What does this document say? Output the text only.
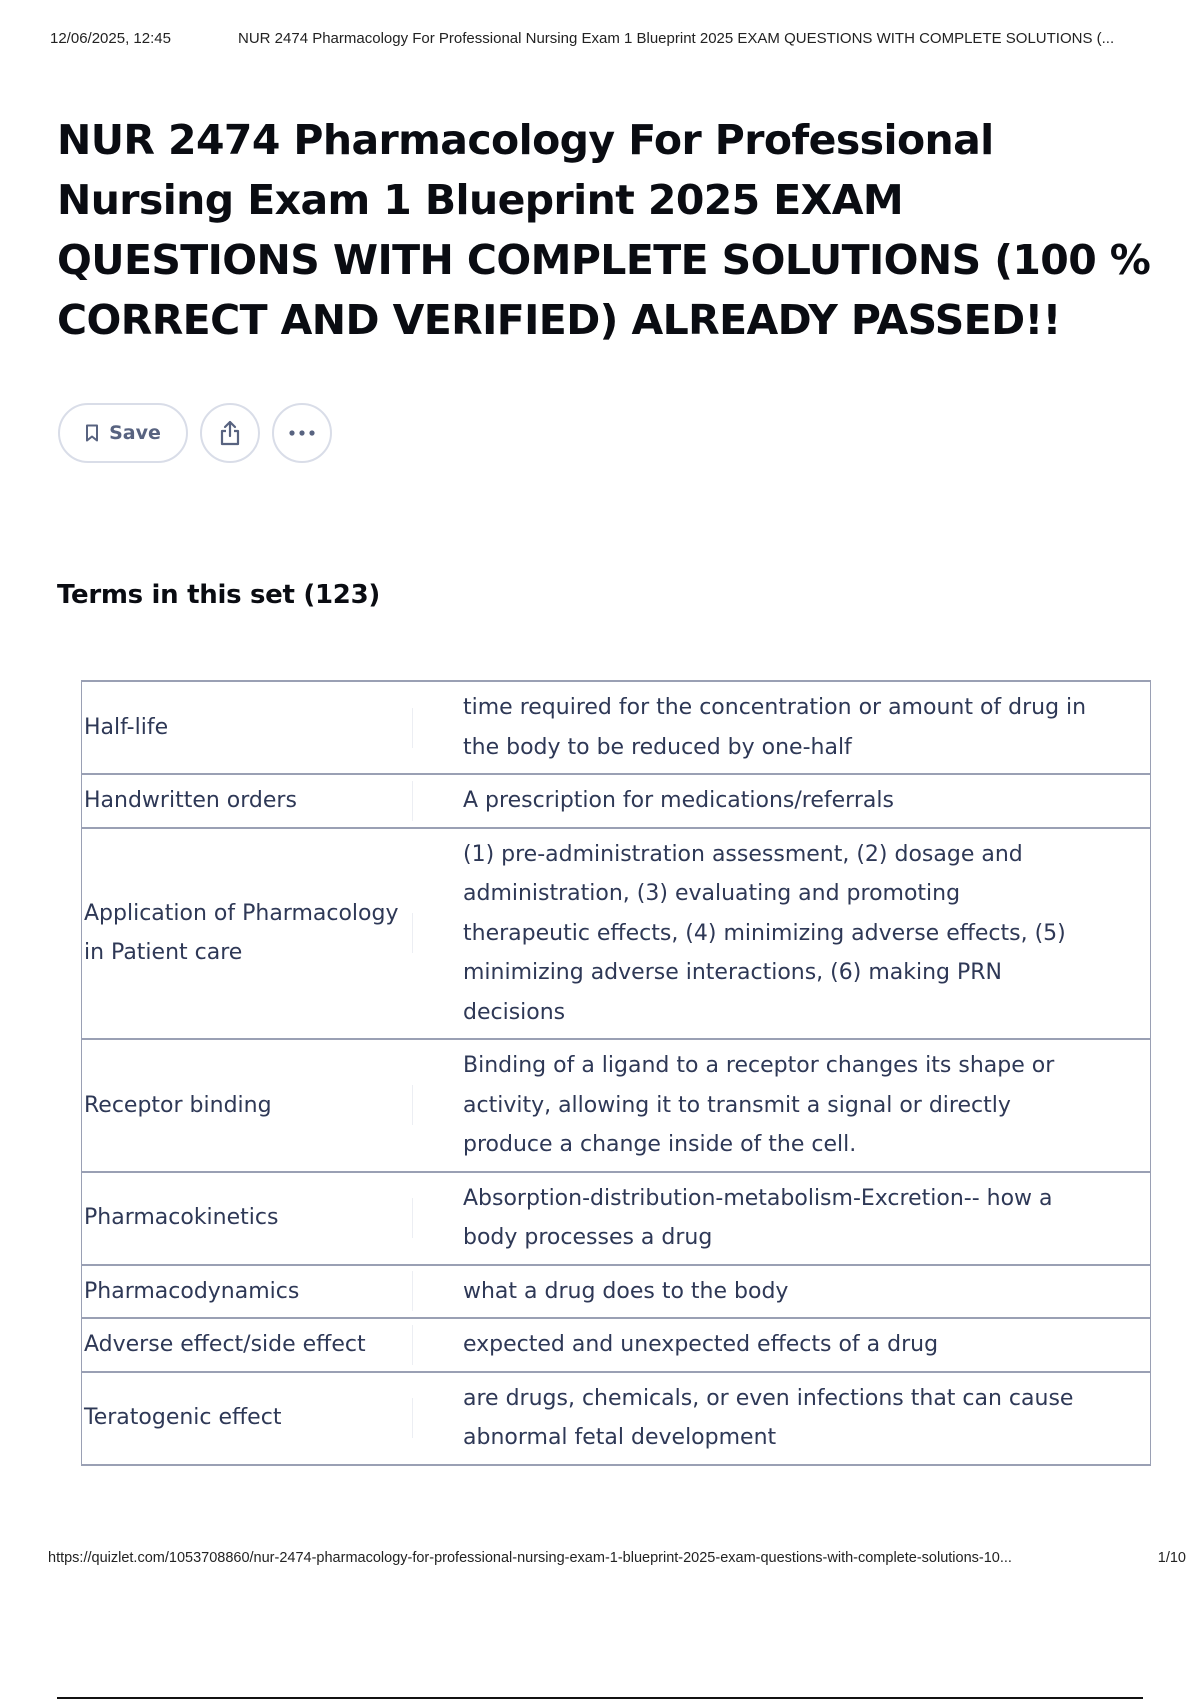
12/06/2025, 12:45	NUR 2474 Pharmacology For Professional Nursing Exam 1 Blueprint 2025 EXAM QUESTIONS WITH COMPLETE SOLUTIONS (...
NUR 2474 Pharmacology For Professional Nursing Exam 1 Blueprint 2025 EXAM QUESTIONS WITH COMPLETE SOLUTIONS (100 % CORRECT AND VERIFIED) ALREADY PASSED!!
Save
Terms in this set (123)
Half-life		time required for the concentration or amount of drug in the body to be reduced by one-half
Handwritten orders		A prescription for medications/referrals
Application of Pharmacology in Patient care		(1) pre-administration assessment, (2) dosage and administration, (3) evaluating and promoting therapeutic effects, (4) minimizing adverse effects, (5) minimizing adverse interactions, (6) making PRN decisions
Receptor binding		Binding of a ligand to a receptor changes its shape or activity, allowing it to transmit a signal or directly produce a change inside of the cell.
Pharmacokinetics		Absorption-distribution-metabolism-Excretion-- how a body processes a drug
Pharmacodynamics		what a drug does to the body
Adverse effect/side effect		expected and unexpected effects of a drug
Teratogenic effect		are drugs, chemicals, or even infections that can cause abnormal fetal development
https://quizlet.com/1053708860/nur-2474-pharmacology-for-professional-nursing-exam-1-blueprint-2025-exam-questions-with-complete-solutions-10...	1/10
